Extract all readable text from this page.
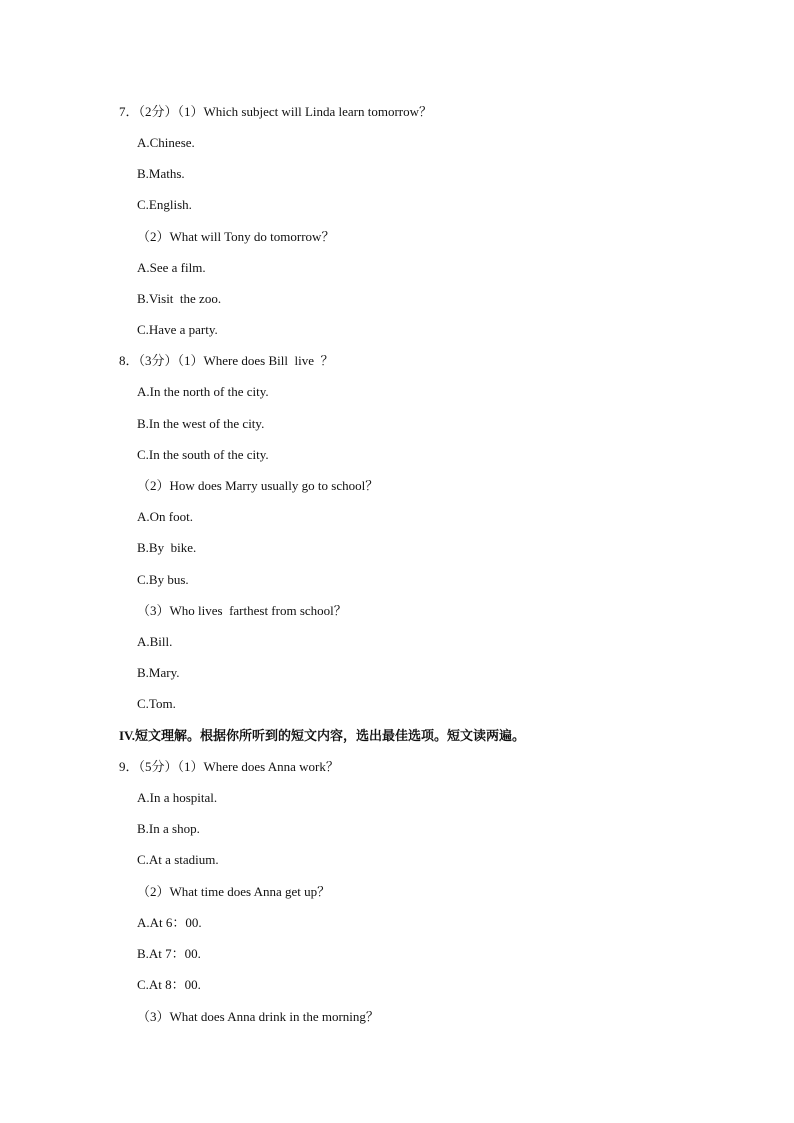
7．（2分）（1）Which subject will Linda learn tomorrow？
A.Chinese.
B.Maths.
C.English.
（2）What will Tony do tomorrow？
A.See a film.
B.Visit  the zoo.
C.Have a party.
8．（3分）（1）Where does Bill  live  ？
A.In the north of the city.
B.In the west of the city.
C.In the south of the city.
（2）How does Marry usually go to school？
A.On foot.
B.By  bike.
C.By bus.
（3）Who lives  farthest from school？
A.Bill.
B.Mary.
C.Tom.
IV.短文理解。根据你所听到的短文内容，选出最佳选项。短文读两遍。
9．（5分）（1）Where does Anna work？
A.In a hospital.
B.In a shop.
C.At a stadium.
（2）What time does Anna get up？
A.At 6：00.
B.At 7：00.
C.At 8：00.
（3）What does Anna drink in the morning？
